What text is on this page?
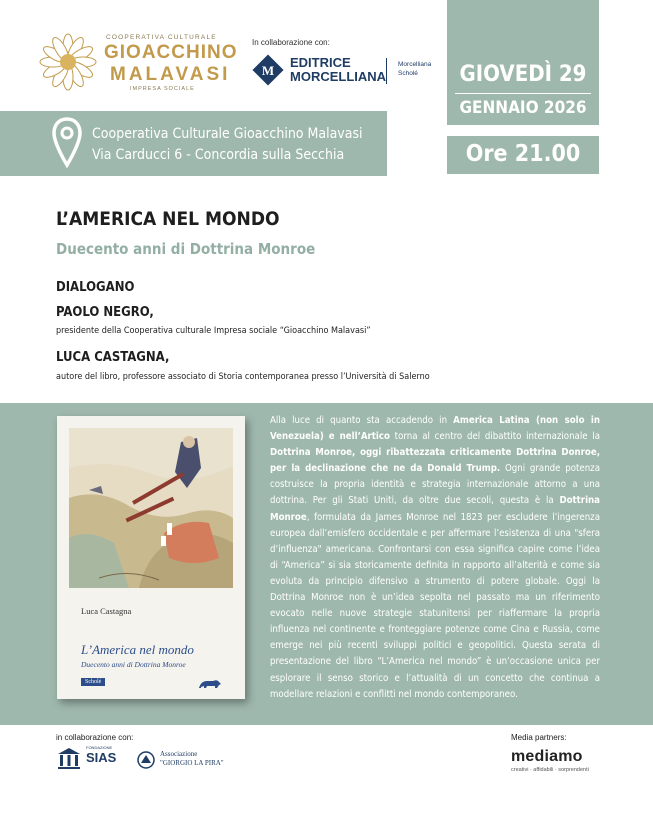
COOPERATIVA CULTURALE
GIOACCHINO
MALAVASI
IMPRESA SOCIALE
In collaborazione con:
M
EDITRICE
MORCELLIANA
Morcelliana
Scholé	GIOVEDÌ 29
GENNAIO 2026
Cooperativa Culturale Gioacchino Malavasi
Via Carducci 6 - Concordia sulla Secchia	Ore 21.00
L’AMERICA NEL MONDO
Duecento anni di Dottrina Monroe
DIALOGANO
PAOLO NEGRO,
presidente della Cooperativa culturale Impresa sociale “Gioacchino Malavasi”
LUCA CASTAGNA,
autore del libro, professore associato di Storia contemporanea presso l’Università di Salerno
Luca Castagna
L’America nel mondo
Duecento anni di Dottrina Monroe
Scholé
Alla luce di quanto sta accadendo in America Latina (non solo in Venezuela) e nell’Artico torna al centro del dibattito internazionale la Dottrina Monroe, oggi ribattezzata criticamente Dottrina Donroe, per la declinazione che ne da Donald Trump. Ogni grande potenza costruisce la propria identità e strategia internazionale attorno a una dottrina. Per gli Stati Uniti, da oltre due secoli, questa è la Dottrina Monroe, formulata da James Monroe nel 1823 per escludere l’ingerenza europea dall’emisfero occidentale e per affermare l’esistenza di una "sfera d’influenza" americana. Confrontarsi con essa significa capire come l’idea di “America” si sia storicamente definita in rapporto all’alterità e come sia evoluta da principio difensivo a strumento di potere globale. Oggi la Dottrina Monroe non è un’idea sepolta nel passato ma un riferimento evocato nelle nuove strategie statunitensi per riaffermare la propria influenza nel continente e fronteggiare potenze come Cina e Russia, come emerge nei più recenti sviluppi politici e geopolitici. Questa serata di presentazione del libro “L’America nel mondo” è un’occasione unica per esplorare il senso storico e l’attualità di un concetto che continua a modellare relazioni e conflitti nel mondo contemporaneo.
in collaborazione con:
FONDAZIONE
SIAS	Associazione
"GIORGIO LA PIRA"
Media partners:
mediamo
creativi · affidabili · sorprendenti
